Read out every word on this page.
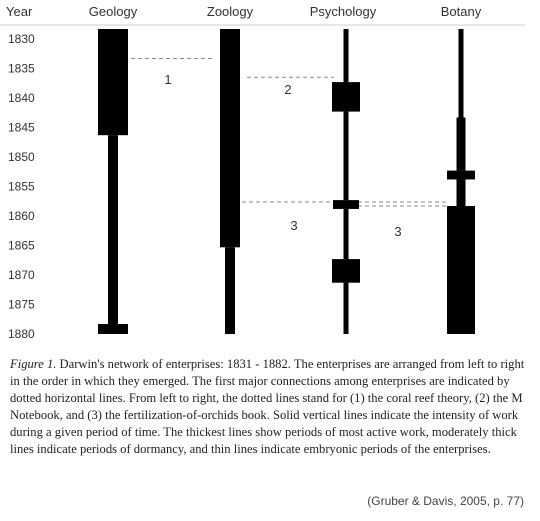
Year	Geology	Zoology	Psychology	Botany
1830
1835
1840
1845
1850
1855
1860
1865
1870
1875
1880
1
2
3	3
Figure 1. Darwin's network of enterprises: 1831 - 1882. The enterprises are arranged from left to right in the order in which they emerged. The first major connections among enterprises are indicated by dotted horizontal lines. From left to right, the dotted lines stand for (1) the coral reef theory, (2) the M Notebook, and (3) the fertilization-of-orchids book. Solid vertical lines indicate the intensity of work during a given period of time. The thickest lines show periods of most active work, moderately thick lines indicate periods of dormancy, and thin lines indicate embryonic periods of the enterprises.
(Gruber & Davis, 2005, p. 77)
